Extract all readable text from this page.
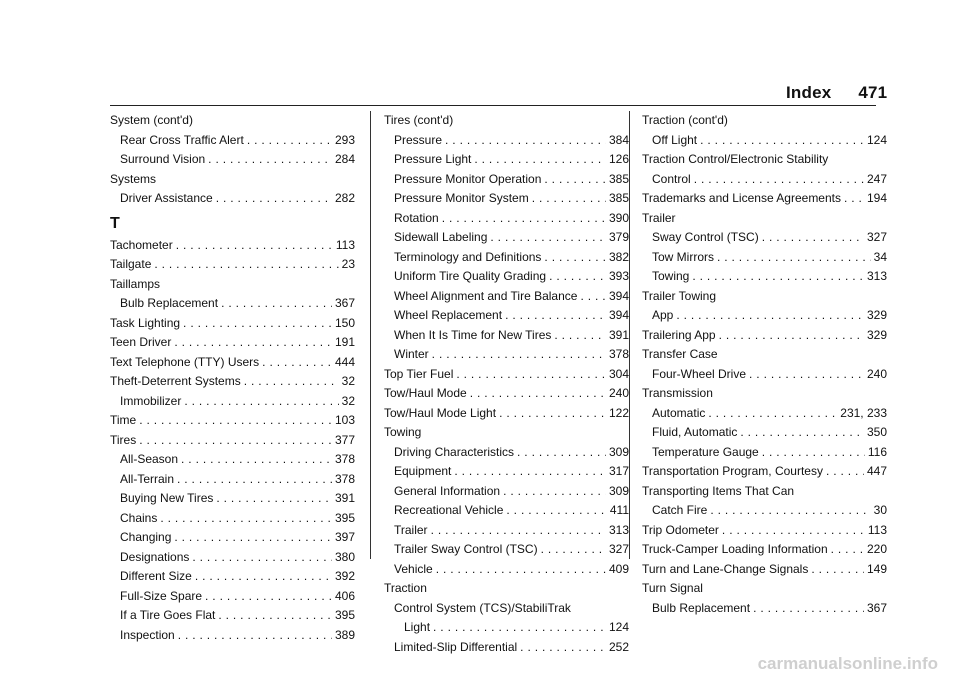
Index 471
System (cont'd)
Rear Cross Traffic Alert . . .	293
Surround Vision . . .	284
Systems
Driver Assistance . . .	282
T
Tachometer . . .	113
Tailgate . . .	23
Taillamps
Bulb Replacement . . .	367
Task Lighting . . .	150
Teen Driver . . .	191
Text Telephone (TTY) Users . . .	444
Theft-Deterrent Systems . . .	32
Immobilizer . . .	32
Time . . .	103
Tires . . .	377
All-Season . . .	378
All-Terrain . . .	378
Buying New Tires . . .	391
Chains . . .	395
Changing . . .	397
Designations . . .	380
Different Size . . .	392
Full-Size Spare . . .	406
If a Tire Goes Flat . . .	395
Inspection . . .	389
Tires (cont'd)
Pressure . . .	384
Pressure Light . . .	126
Pressure Monitor Operation . . .	385
Pressure Monitor System . . .	385
Rotation . . .	390
Sidewall Labeling . . .	379
Terminology and Definitions . . .	382
Uniform Tire Quality Grading . . .	393
Wheel Alignment and Tire Balance . . .	394
Wheel Replacement . . .	394
When It Is Time for New Tires . . .	391
Winter . . .	378
Top Tier Fuel . . .	304
Tow/Haul Mode . . .	240
Tow/Haul Mode Light . . .	122
Towing
Driving Characteristics . . .	309
Equipment . . .	317
General Information . . .	309
Recreational Vehicle . . .	411
Trailer . . .	313
Trailer Sway Control (TSC) . . .	327
Vehicle . . .	409
Traction
Control System (TCS)/StabiliTrak
Light . . .	124
Limited-Slip Differential . . .	252
Traction (cont'd)
Off Light . . .	124
Traction Control/Electronic Stability
Control . . .	247
Trademarks and License Agreements . . . 194
Trailer
Sway Control (TSC) . . .	327
Tow Mirrors . . .	34
Towing . . .	313
Trailer Towing
App . . .	329
Trailering App . . .	329
Transfer Case
Four-Wheel Drive . . .	240
Transmission
Automatic . . .	231, 233
Fluid, Automatic . . .	350
Temperature Gauge . . .	116
Transportation Program, Courtesy . . .	447
Transporting Items That Can
Catch Fire . . .	30
Trip Odometer . . .	113
Truck-Camper Loading Information . . .	220
Turn and Lane-Change Signals . . .	149
Turn Signal
Bulb Replacement . . .	367
carmanualsonline.info
